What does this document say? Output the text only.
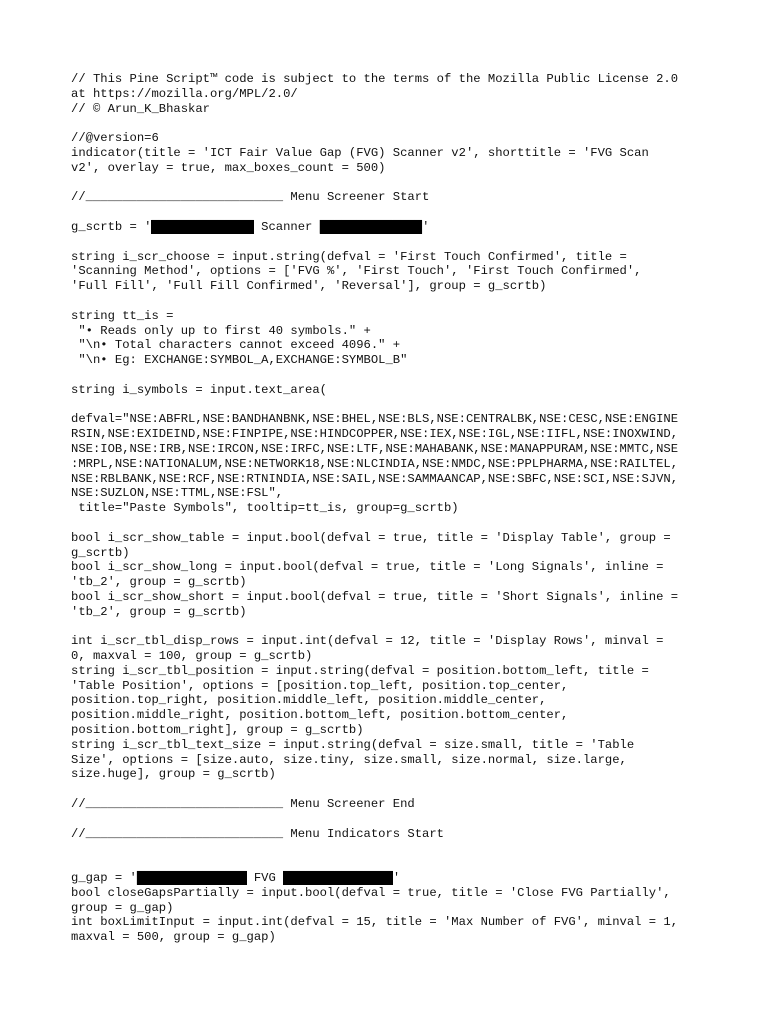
// This Pine Script™ code is subject to the terms of the Mozilla Public License 2.0
at https://mozilla.org/MPL/2.0/
// © Arun_K_Bhaskar
//@version=6
indicator(title = 'ICT Fair Value Gap (FVG) Scanner v2', shorttitle = 'FVG Scan
v2', overlay = true, max_boxes_count = 500)
//___________________________ Menu Screener Start
g_scrtb = '██████████████ Scanner ██████████████'
string i_scr_choose = input.string(defval = 'First Touch Confirmed', title =
'Scanning Method', options = ['FVG %', 'First Touch', 'First Touch Confirmed',
'Full Fill', 'Full Fill Confirmed', 'Reversal'], group = g_scrtb)
string tt_is =
"• Reads only up to first 40 symbols." +
"\n• Total characters cannot exceed 4096." +
"\n• Eg: EXCHANGE:SYMBOL_A,EXCHANGE:SYMBOL_B"
string i_symbols = input.text_area(
defval="NSE:ABFRL,NSE:BANDHANBNK,NSE:BHEL,NSE:BLS,NSE:CENTRALBK,NSE:CESC,NSE:ENGINE
RSIN,NSE:EXIDEIND,NSE:FINPIPE,NSE:HINDCOPPER,NSE:IEX,NSE:IGL,NSE:IIFL,NSE:INOXWIND,
NSE:IOB,NSE:IRB,NSE:IRCON,NSE:IRFC,NSE:LTF,NSE:MAHABANK,NSE:MANAPPURAM,NSE:MMTC,NSE
:MRPL,NSE:NATIONALUM,NSE:NETWORK18,NSE:NLCINDIA,NSE:NMDC,NSE:PPLPHARMA,NSE:RAILTEL,
NSE:RBLBANK,NSE:RCF,NSE:RTNINDIA,NSE:SAIL,NSE:SAMMAANCAP,NSE:SBFC,NSE:SCI,NSE:SJVN,
NSE:SUZLON,NSE:TTML,NSE:FSL",
title="Paste Symbols", tooltip=tt_is, group=g_scrtb)
bool i_scr_show_table = input.bool(defval = true, title = 'Display Table', group =
g_scrtb)
bool i_scr_show_long = input.bool(defval = true, title = 'Long Signals', inline =
'tb_2', group = g_scrtb)
bool i_scr_show_short = input.bool(defval = true, title = 'Short Signals', inline =
'tb_2', group = g_scrtb)
int i_scr_tbl_disp_rows = input.int(defval = 12, title = 'Display Rows', minval =
0, maxval = 100, group = g_scrtb)
string i_scr_tbl_position = input.string(defval = position.bottom_left, title =
'Table Position', options = [position.top_left, position.top_center,
position.top_right, position.middle_left, position.middle_center,
position.middle_right, position.bottom_left, position.bottom_center,
position.bottom_right], group = g_scrtb)
string i_scr_tbl_text_size = input.string(defval = size.small, title = 'Table
Size', options = [size.auto, size.tiny, size.small, size.normal, size.large,
size.huge], group = g_scrtb)
//___________________________ Menu Screener End
//___________________________ Menu Indicators Start
g_gap = '███████████████ FVG ███████████████'
bool closeGapsPartially = input.bool(defval = true, title = 'Close FVG Partially',
group = g_gap)
int boxLimitInput = input.int(defval = 15, title = 'Max Number of FVG', minval = 1,
maxval = 500, group = g_gap)
